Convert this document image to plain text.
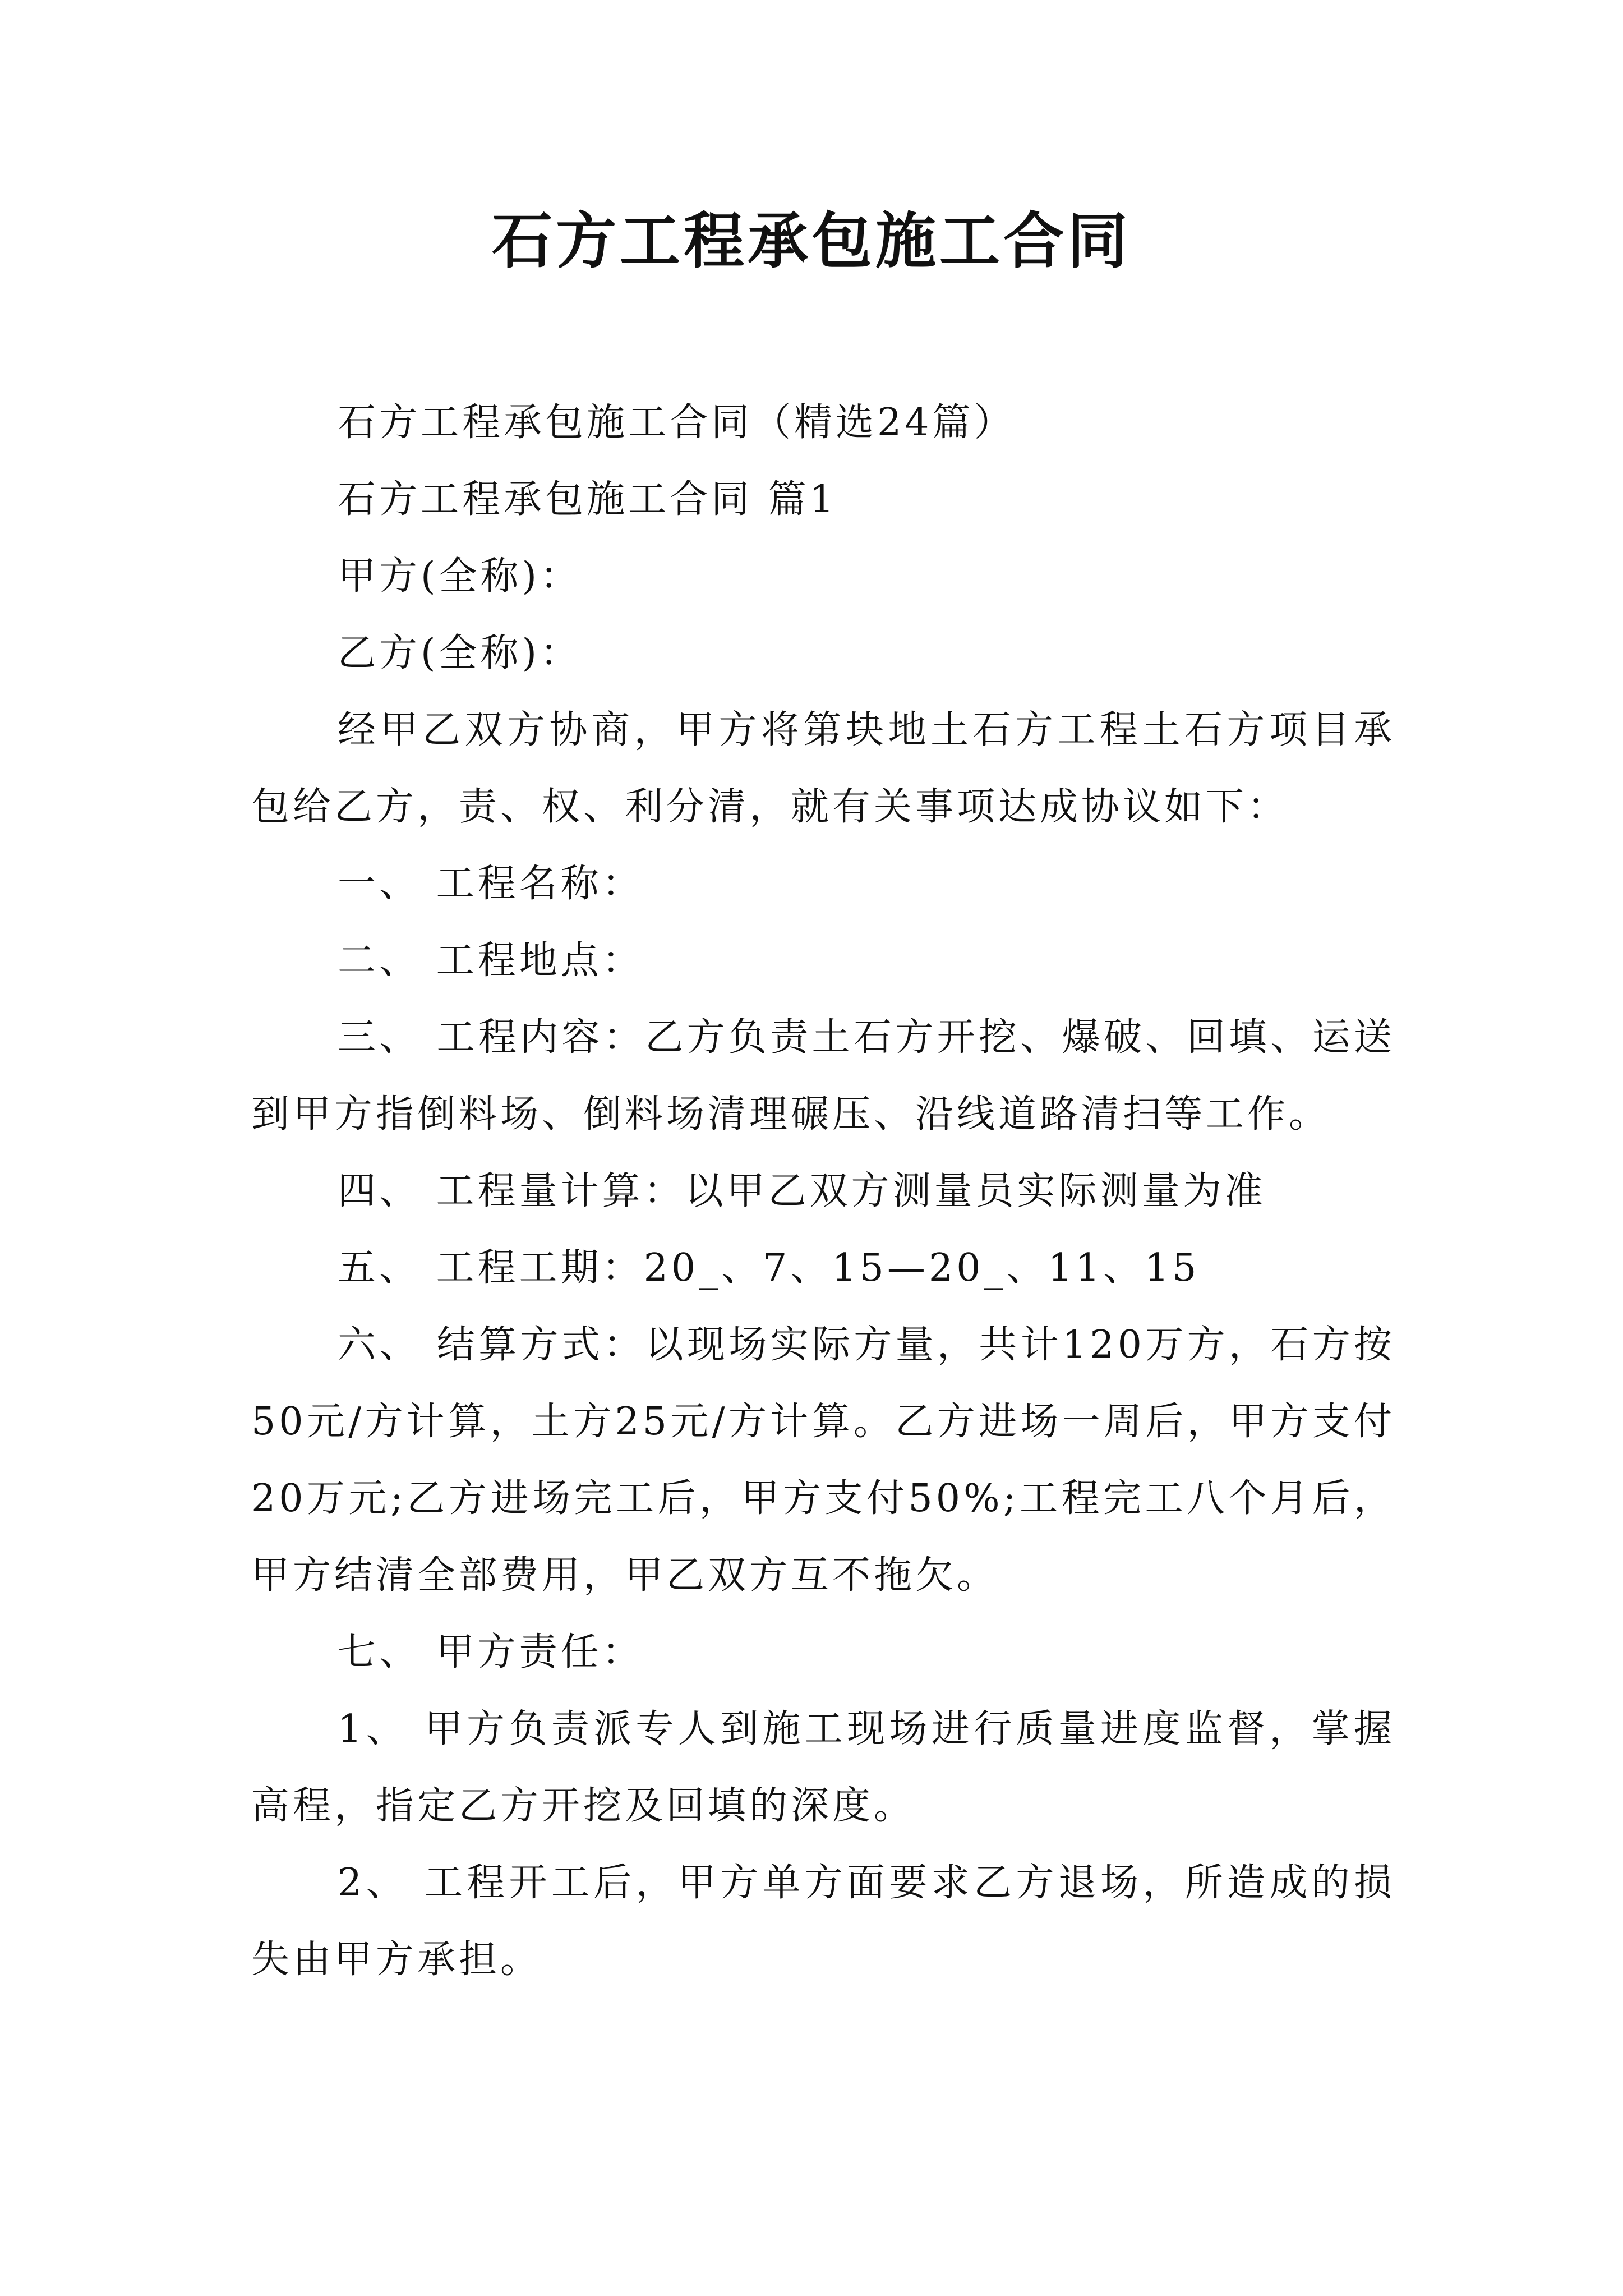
石方工程承包施工合同

石方工程承包施工合同（精选24篇）

石方工程承包施工合同 篇1

甲方(全称)：

乙方(全称)：

经甲乙双方协商，甲方将第块地土石方工程土石方项目承包给乙方，责、权、利分清，就有关事项达成协议如下：

一、 工程名称：

二、 工程地点：

三、 工程内容：乙方负责土石方开挖、爆破、回填、运送到甲方指倒料场、倒料场清理碾压、沿线道路清扫等工作。

四、 工程量计算：以甲乙双方测量员实际测量为准

五、 工程工期：20_、7、15—20_、11、15

六、 结算方式：以现场实际方量，共计120万方，石方按50元/方计算，土方25元/方计算。乙方进场一周后，甲方支付20万元;乙方进场完工后，甲方支付50%;工程完工八个月后，甲方结清全部费用，甲乙双方互不拖欠。

七、 甲方责任：

1、 甲方负责派专人到施工现场进行质量进度监督，掌握高程，指定乙方开挖及回填的深度。

2、 工程开工后，甲方单方面要求乙方退场，所造成的损失由甲方承担。
